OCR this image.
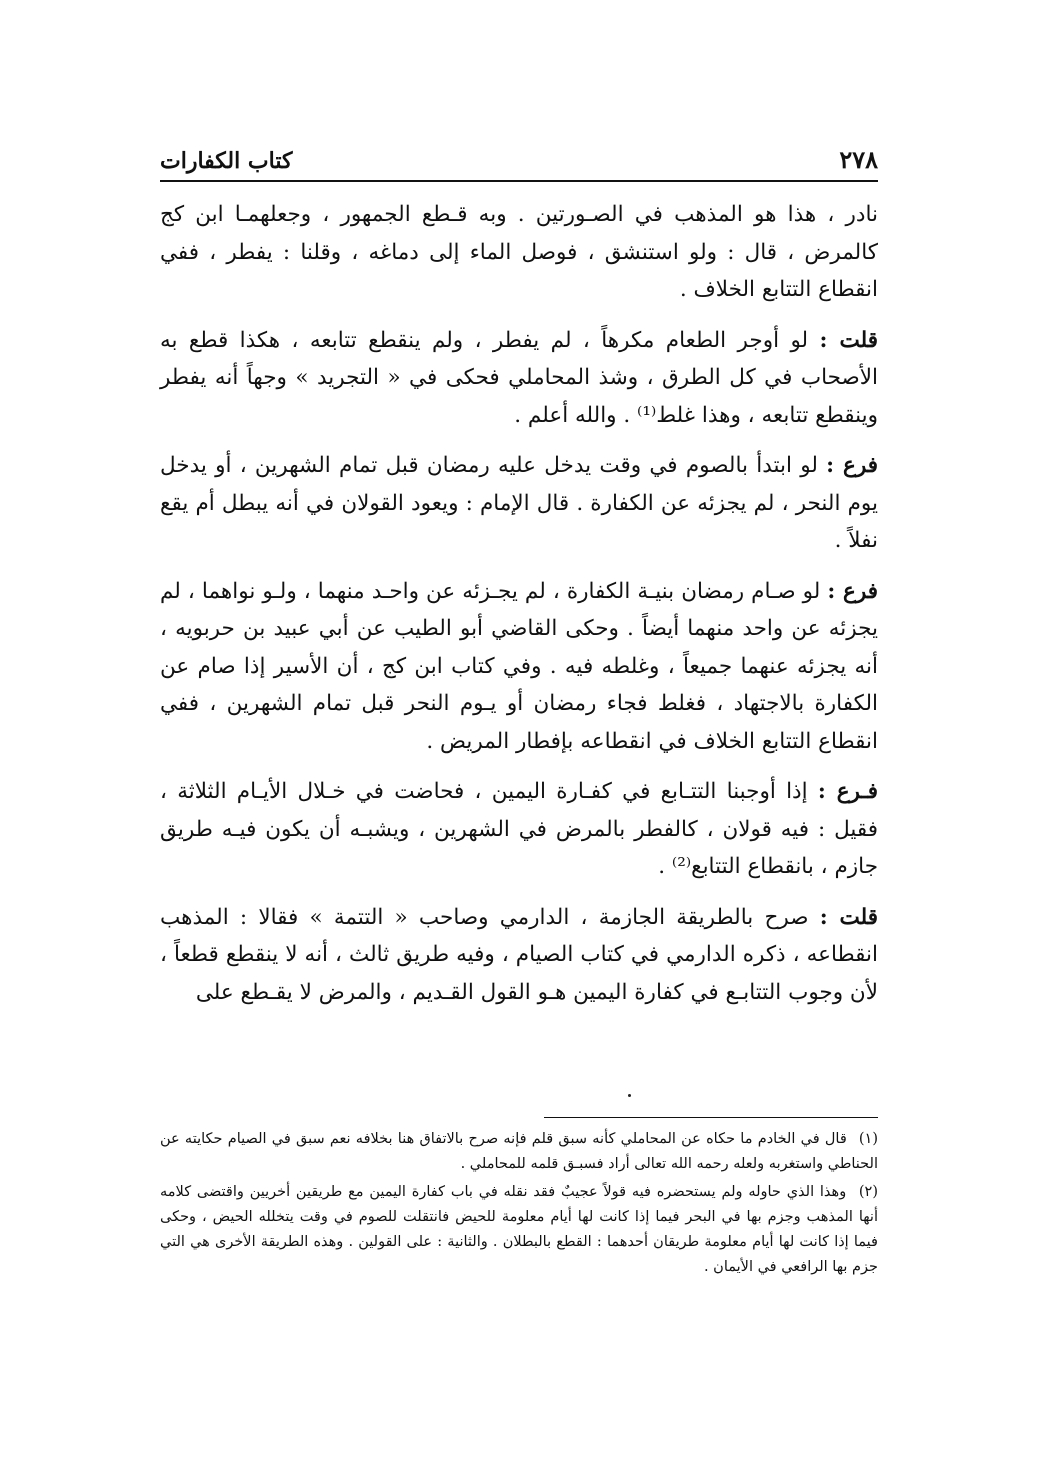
٢٧٨
كتاب الكفارات

نادر ، هذا هو المذهب في الصـورتين . وبه قـطع الجمهور ، وجعلهمـا ابن كج كالمرض ، قال : ولو استنشق ، فوصل الماء إلى دماغه ، وقلنا : يفطر ، ففي انقطاع التتابع الخلاف .

قلت : لو أوجر الطعام مكرهاً ، لم يفطر ، ولم ينقطع تتابعه ، هكذا قطع به الأصحاب في كل الطرق ، وشذ المحاملي فحكى في « التجريد » وجهاً أنه يفطر وينقطع تتابعه ، وهذا غلط⁽¹⁾ . والله أعلم .

فرع : لو ابتدأ بالصوم في وقت يدخل عليه رمضان قبل تمام الشهرين ، أو يدخل يوم النحر ، لم يجزئه عن الكفارة . قال الإمام : ويعود القولان في أنه يبطل أم يقع نفلاً .

فرع : لو صـام رمضان بنيـة الكفارة ، لم يجـزئه عن واحـد منهما ، ولـو نواهما ، لم يجزئه عن واحد منهما أيضاً . وحكى القاضي أبو الطيب عن أبي عبيد بن حربويه ، أنه يجزئه عنهما جميعاً ، وغلطه فيه . وفي كتاب ابن كج ، أن الأسير إذا صام عن الكفارة بالاجتهاد ، فغلط فجاء رمضان أو يـوم النحر قبل تمام الشهرين ، ففي انقطاع التتابع الخلاف في انقطاعه بإفطار المريض .

فـرع : إذا أوجبنا التتـابع في كفـارة اليمين ، فحاضت في خـلال الأيـام الثلاثة ، فقيل : فيه قولان ، كالفطر بالمرض في الشهرين ، ويشبـه أن يكون فيـه طريق جازم ، بانقطاع التتابع⁽²⁾ .

قلت : صرح بالطريقة الجازمة ، الدارمي وصاحب « التتمة » فقالا : المذهب انقطاعه ، ذكره الدارمي في كتاب الصيام ، وفيه طريق ثالث ، أنه لا ينقطع قطعاً ، لأن وجوب التتابـع في كفارة اليمين هـو القول القـديم ، والمرض لا يقـطع على

(١) قال في الخادم ما حكاه عن المحاملي كأنه سبق قلم فإنه صرح بالاتفاق هنا بخلافه نعم سبق في الصيام حكايته عن الحناطي واستغربه ولعله رحمه الله تعالى أراد فسبـق قلمه للمحاملي .

(٢) وهذا الذي حاوله ولم يستحضره فيه قولاً عجيبٌ فقد نقله في باب كفارة اليمين مع طريقين أخريين واقتضى كلامه أنها المذهب وجزم بها في البحر فيما إذا كانت لها أيام معلومة للحيض فانتقلت للصوم في وقت يتخلله الحيض ، وحكى فيما إذا كانت لها أيام معلومة طريقان أحدهما : القطع بالبطلان . والثانية : على القولين . وهذه الطريقة الأخرى هي التي جزم بها الرافعي في الأيمان .
